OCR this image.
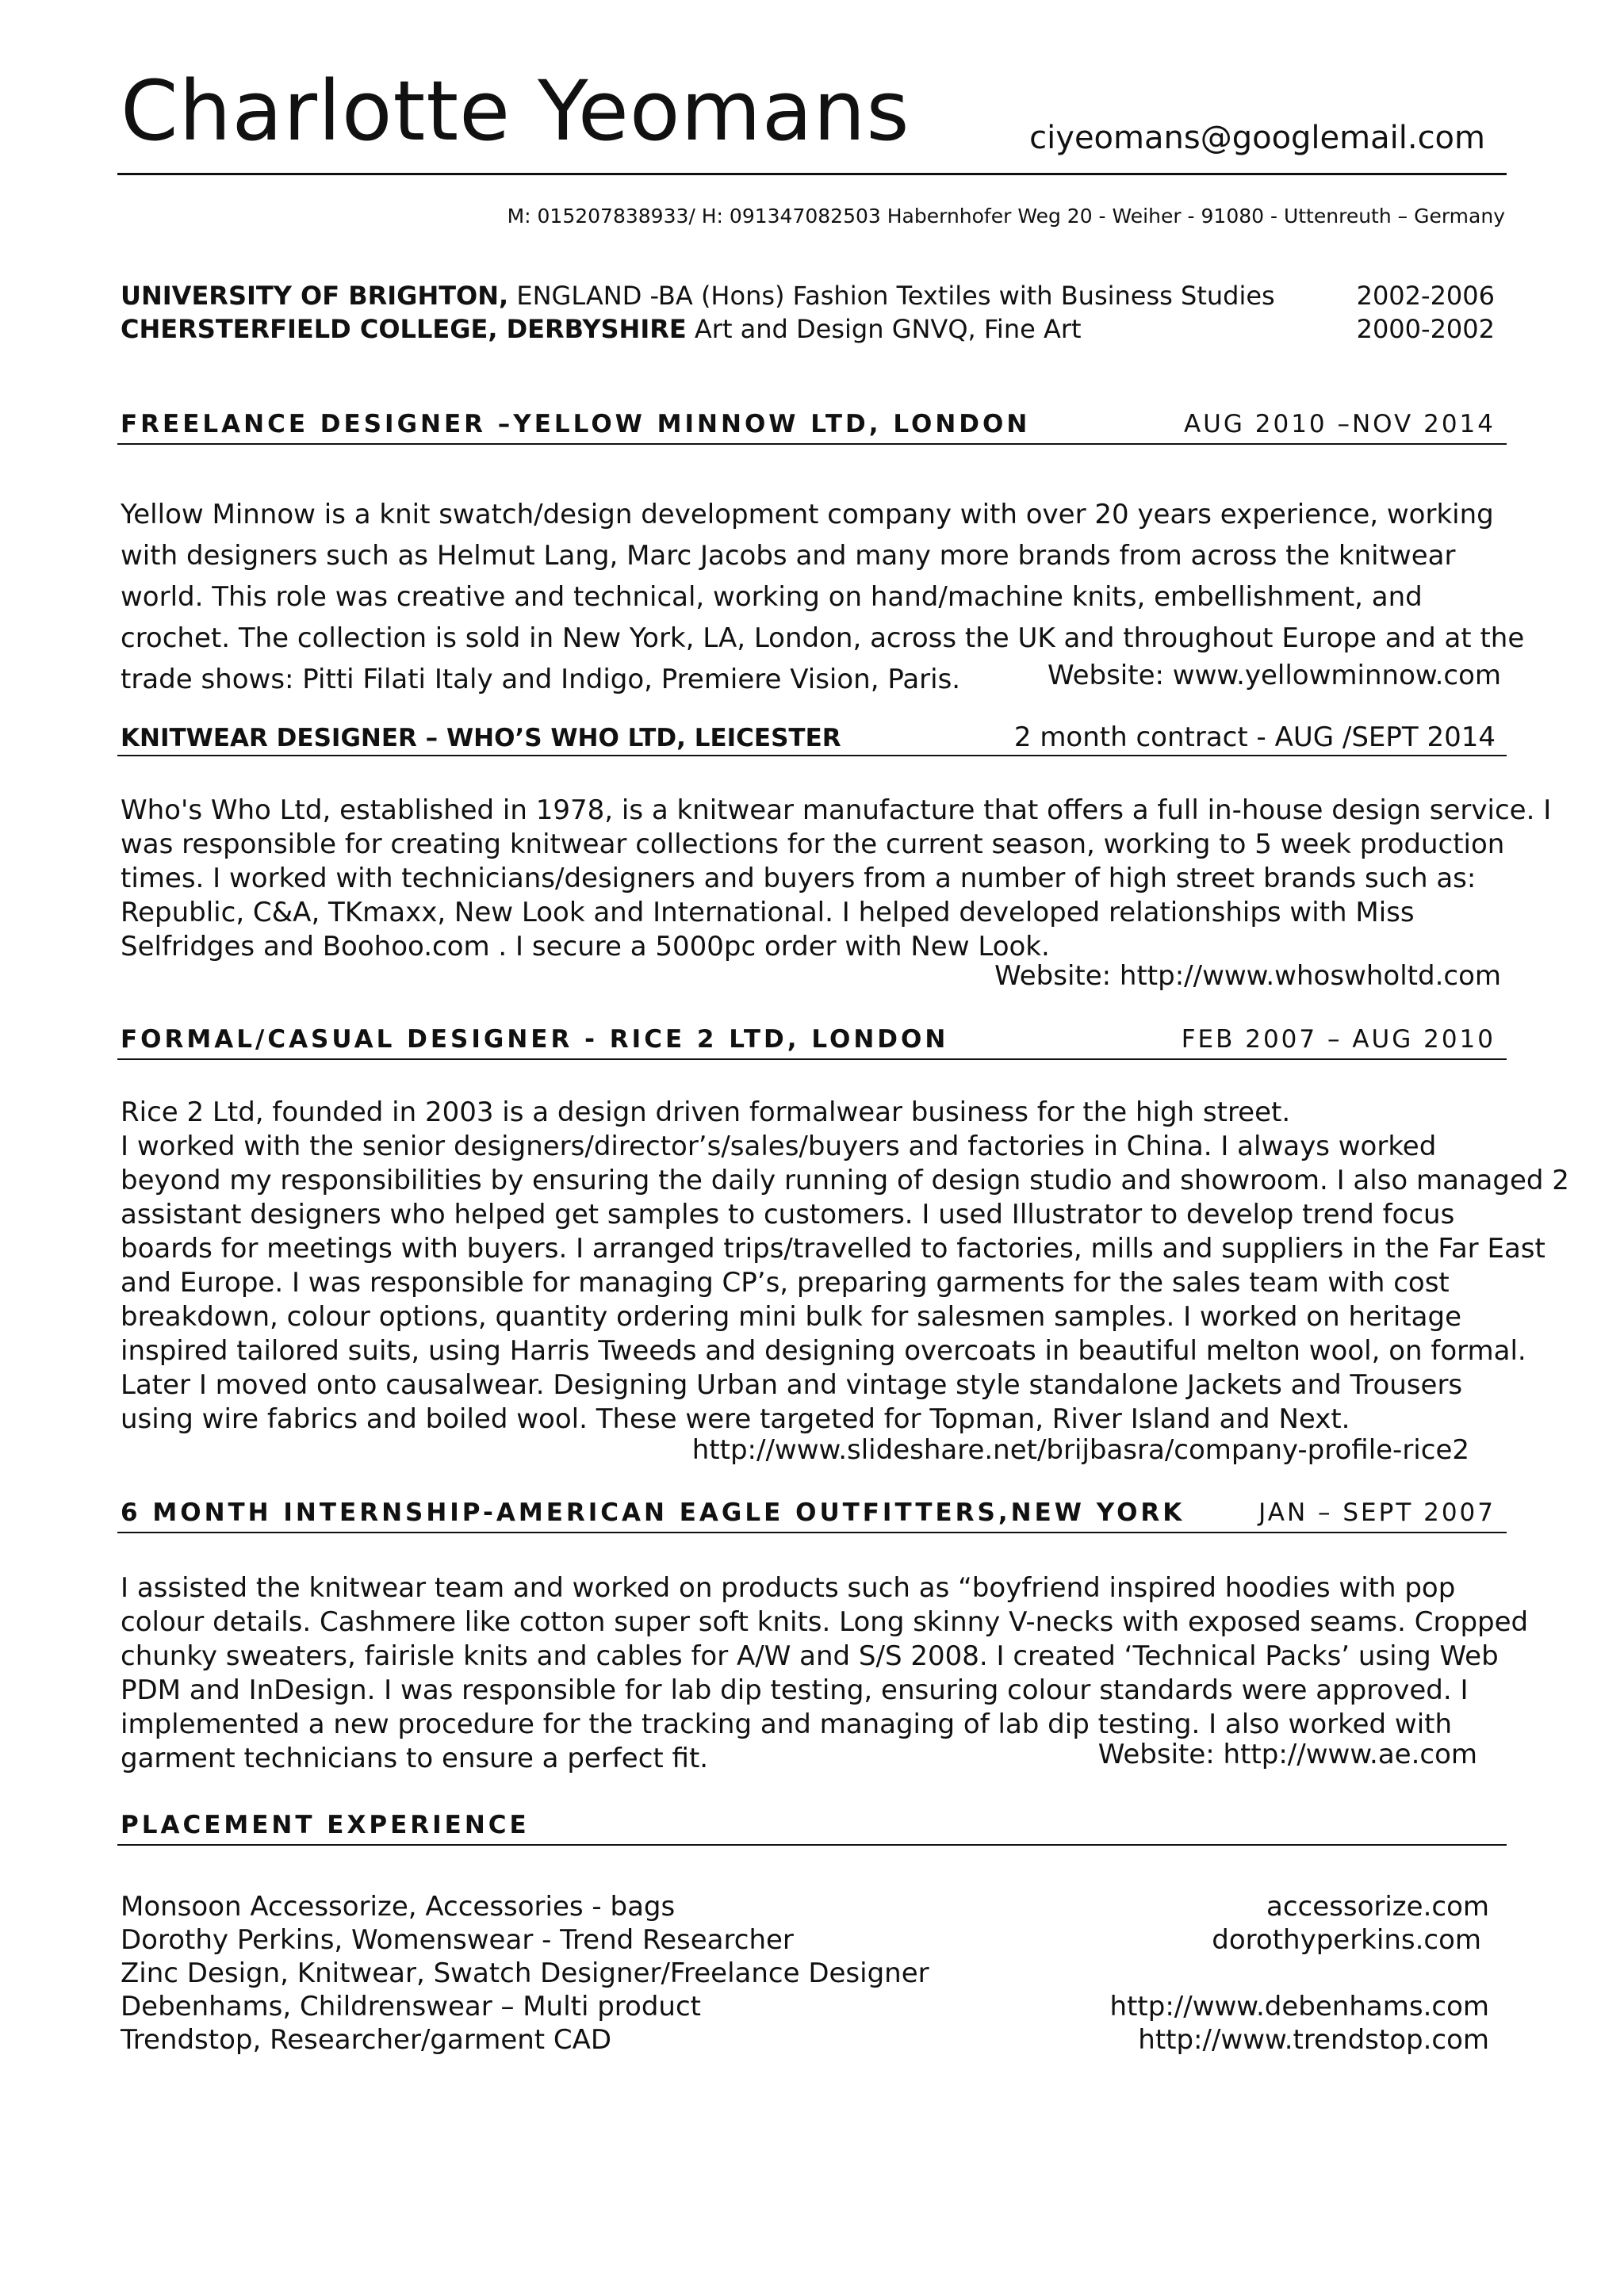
Charlotte Yeomans	ciyeomans@googlemail.com
M: 015207838933/ H: 091347082503 Habernhofer Weg 20 - Weiher - 91080 - Uttenreuth – Germany
UNIVERSITY OF BRIGHTON, ENGLAND -BA (Hons) Fashion Textiles with Business Studies	2002-2006
CHERSTERFIELD COLLEGE, DERBYSHIRE Art and Design GNVQ, Fine Art	2000-2002
FREELANCE DESIGNER –YELLOW MINNOW LTD, LONDON	AUG 2010 –NOV 2014
Yellow Minnow is a knit swatch/design development company with over 20 years experience, working
with designers such as Helmut Lang, Marc Jacobs and many more brands from across the knitwear
world. This role was creative and technical, working on hand/machine knits, embellishment, and
crochet. The collection is sold in New York, LA, London, across the UK and throughout Europe and at the
trade shows: Pitti Filati Italy and Indigo, Premiere Vision, Paris.	Website: www.yellowminnow.com
KNITWEAR DESIGNER – WHO’S WHO LTD, LEICESTER	2 month contract - AUG /SEPT 2014
Who's Who Ltd, established in 1978, is a knitwear manufacture that offers a full in-house design service. I
was responsible for creating knitwear collections for the current season, working to 5 week production
times. I worked with technicians/designers and buyers from a number of high street brands such as:
Republic, C&A, TKmaxx, New Look and International. I helped developed relationships with Miss
Selfridges and Boohoo.com . I secure a 5000pc order with New Look.
Website: http://www.whoswholtd.com
FORMAL/CASUAL DESIGNER - RICE 2 LTD, LONDON	FEB 2007 – AUG 2010
Rice 2 Ltd, founded in 2003 is a design driven formalwear business for the high street.
I worked with the senior designers/director’s/sales/buyers and factories in China. I always worked
beyond my responsibilities by ensuring the daily running of design studio and showroom. I also managed 2
assistant designers who helped get samples to customers. I used Illustrator to develop trend focus
boards for meetings with buyers. I arranged trips/travelled to factories, mills and suppliers in the Far East
and Europe. I was responsible for managing CP’s, preparing garments for the sales team with cost
breakdown, colour options, quantity ordering mini bulk for salesmen samples. I worked on heritage
inspired tailored suits, using Harris Tweeds and designing overcoats in beautiful melton wool, on formal.
Later I moved onto causalwear. Designing Urban and vintage style standalone Jackets and Trousers
using wire fabrics and boiled wool. These were targeted for Topman, River Island and Next.
http://www.slideshare.net/brijbasra/company-profile-rice2
6 MONTH INTERNSHIP-AMERICAN EAGLE OUTFITTERS,NEW YORK	JAN – SEPT 2007
I assisted the knitwear team and worked on products such as “boyfriend inspired hoodies with pop
colour details. Cashmere like cotton super soft knits. Long skinny V-necks with exposed seams. Cropped
chunky sweaters, fairisle knits and cables for A/W and S/S 2008. I created ‘Technical Packs’ using Web
PDM and InDesign. I was responsible for lab dip testing, ensuring colour standards were approved. I
implemented a new procedure for the tracking and managing of lab dip testing. I also worked with
garment technicians to ensure a perfect fit.	Website: http://www.ae.com
PLACEMENT EXPERIENCE
Monsoon Accessorize, Accessories - bags	accessorize.com
Dorothy Perkins, Womenswear - Trend Researcher	dorothyperkins.com
Zinc Design, Knitwear, Swatch Designer/Freelance Designer
Debenhams, Childrenswear – Multi product	http://www.debenhams.com
Trendstop, Researcher/garment CAD	http://www.trendstop.com
